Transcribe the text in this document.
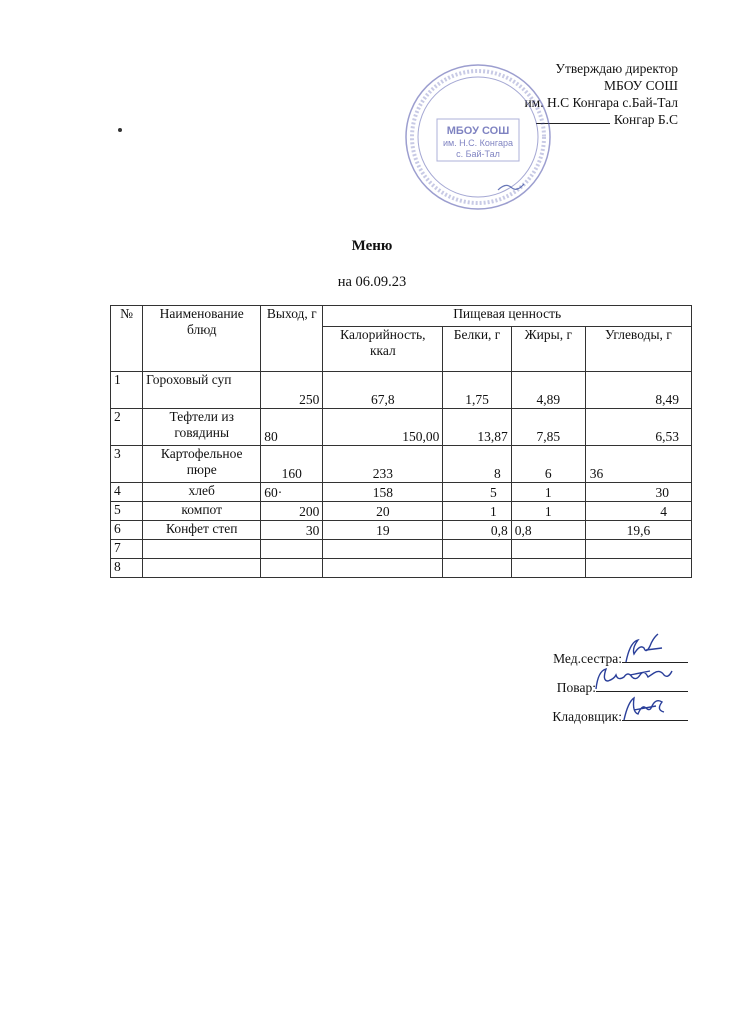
Утверждаю директор
МБОУ СОШ
им. Н.С Конгара с.Бай-Тал
Конгар Б.С
МБОУ СОШ
им. Н.С. Конгара
с. Бай-Тал
Меню
на 06.09.23
№	Наименование блюд	Выход, г	Пищевая ценность			
			Калорийность, ккал	Белки, г	Жиры, г	Углеводы, г
1	Гороховый суп	250	67,8	1,75	4,89	8,49
2	Тефтели из говядины	80	150,00	13,87	7,85	6,53
3	Картофельное пюре	160	233	8	6	36
4	хлеб	60·	158	5	1	30
5	компот	200	20	1	1	4
6	Конфет степ	30	19	0,8	0,8	19,6
7						
8						
Мед.сестра:
Повар:
Кладовщик:
